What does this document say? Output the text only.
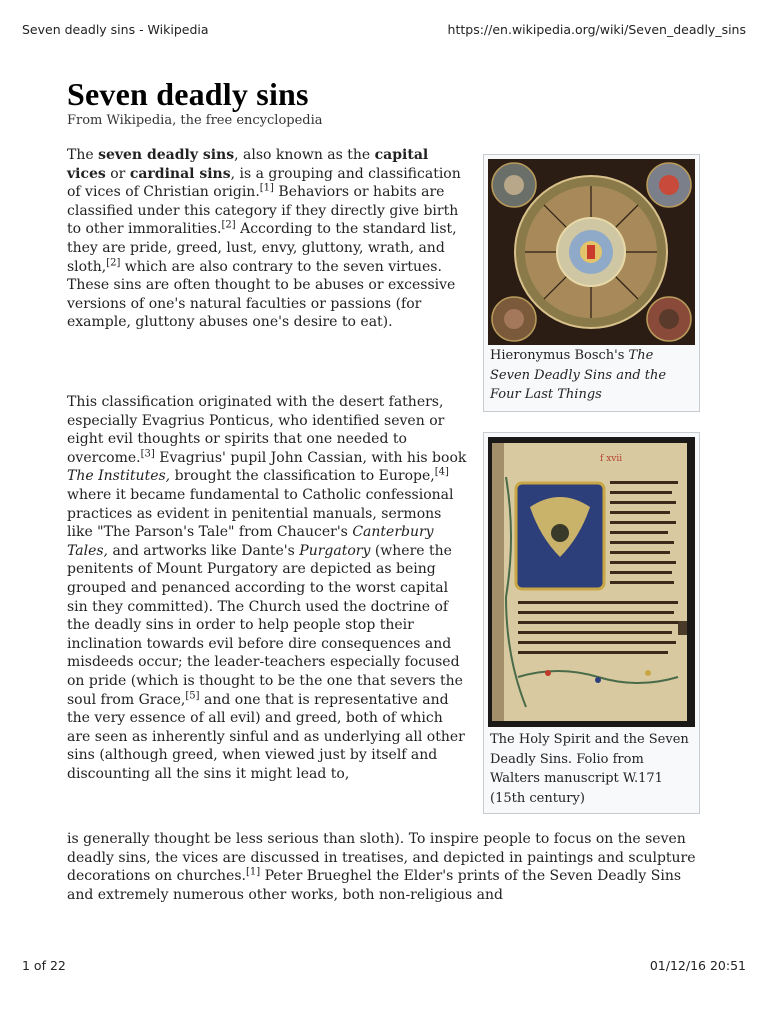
Seven deadly sins - Wikipedia	https://en.wikipedia.org/wiki/Seven_deadly_sins
Seven deadly sins
From Wikipedia, the free encyclopedia

The seven deadly sins, also known as the capital vices or cardinal sins, is a grouping and classification of vices of Christian origin.[1] Behaviors or habits are classified under this category if they directly give birth to other immoralities.[2] According to the standard list, they are pride, greed, lust, envy, gluttony, wrath, and sloth,[2] which are also contrary to the seven virtues. These sins are often thought to be abuses or excessive versions of one's natural faculties or passions (for example, gluttony abuses one's desire to eat).

This classification originated with the desert fathers, especially Evagrius Ponticus, who identified seven or eight evil thoughts or spirits that one needed to overcome.[3] Evagrius' pupil John Cassian, with his book The Institutes, brought the classification to Europe,[4] where it became fundamental to Catholic confessional practices as evident in penitential manuals, sermons like "The Parson's Tale" from Chaucer's Canterbury Tales, and artworks like Dante's Purgatory (where the penitents of Mount Purgatory are depicted as being grouped and penanced according to the worst capital sin they committed). The Church used the doctrine of the deadly sins in order to help people stop their inclination towards evil before dire consequences and misdeeds occur; the leader-teachers especially focused on pride (which is thought to be the one that severs the soul from Grace,[5] and one that is representative and the very essence of all evil) and greed, both of which are seen as inherently sinful and as underlying all other sins (although greed, when viewed just by itself and discounting all the sins it might lead to,

is generally thought be less serious than sloth). To inspire people to focus on the seven deadly sins, the vices are discussed in treatises, and depicted in paintings and sculpture decorations on churches.[1] Peter Brueghel the Elder's prints of the Seven Deadly Sins and extremely numerous other works, both non-religious and
Hieronymus Bosch's The Seven Deadly Sins and the Four Last Things
f xvii
The Holy Spirit and the Seven Deadly Sins. Folio from Walters manuscript W.171 (15th century)
1 of 22	01/12/16 20:51
